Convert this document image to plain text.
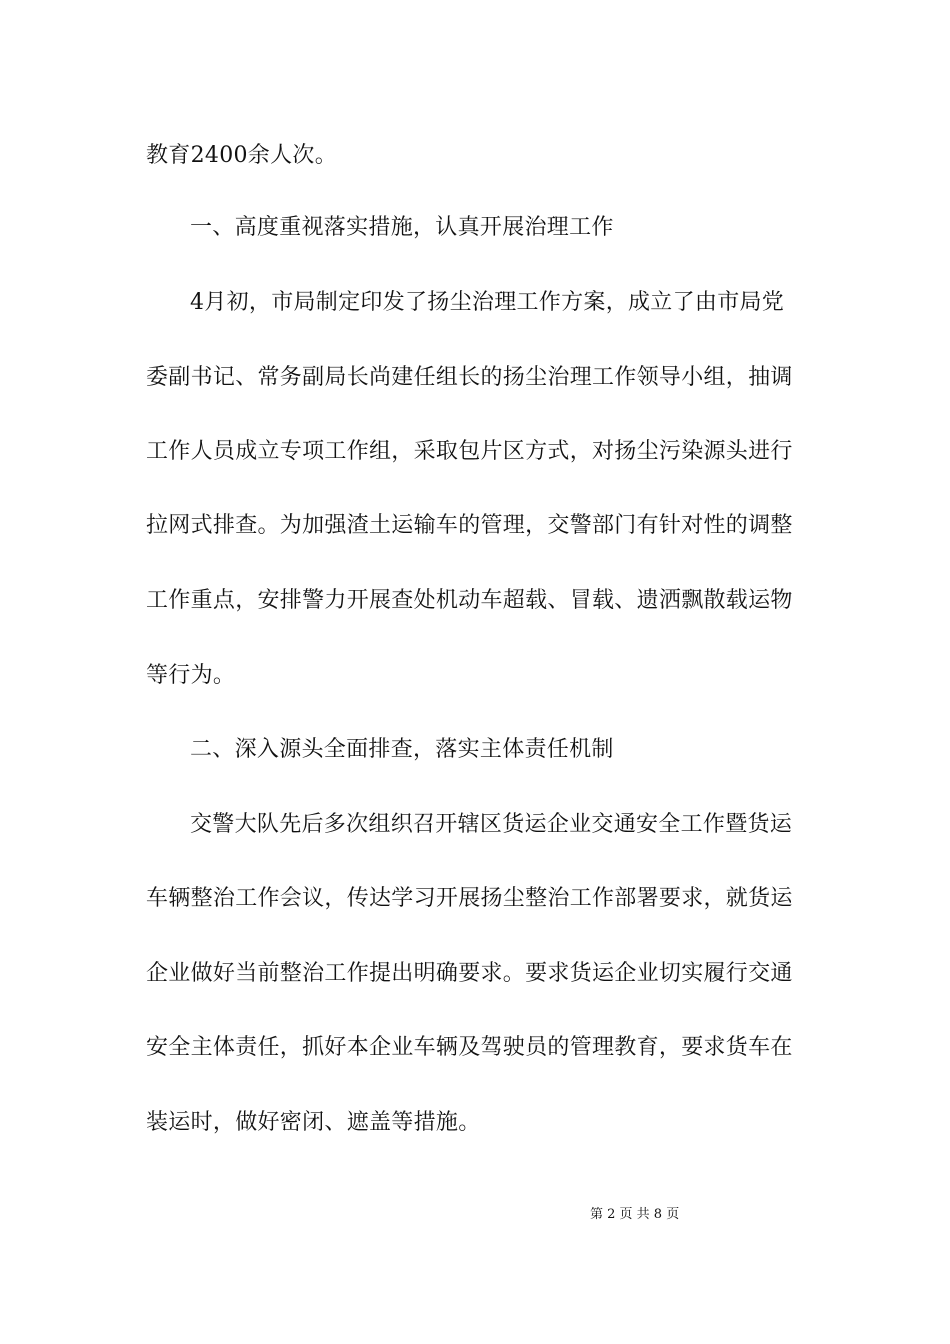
教育2400余人次。
一、高度重视落实措施，认真开展治理工作
4月初，市局制定印发了扬尘治理工作方案，成立了由市局党
委副书记、常务副局长尚建任组长的扬尘治理工作领导小组，抽调
工作人员成立专项工作组，采取包片区方式，对扬尘污染源头进行
拉网式排查。为加强渣土运输车的管理，交警部门有针对性的调整
工作重点，安排警力开展查处机动车超载、冒载、遗洒飘散载运物
等行为。
二、深入源头全面排查，落实主体责任机制
交警大队先后多次组织召开辖区货运企业交通安全工作暨货运
车辆整治工作会议，传达学习开展扬尘整治工作部署要求，就货运
企业做好当前整治工作提出明确要求。要求货运企业切实履行交通
安全主体责任，抓好本企业车辆及驾驶员的管理教育，要求货车在
装运时，做好密闭、遮盖等措施。
第 2 页 共 8 页
